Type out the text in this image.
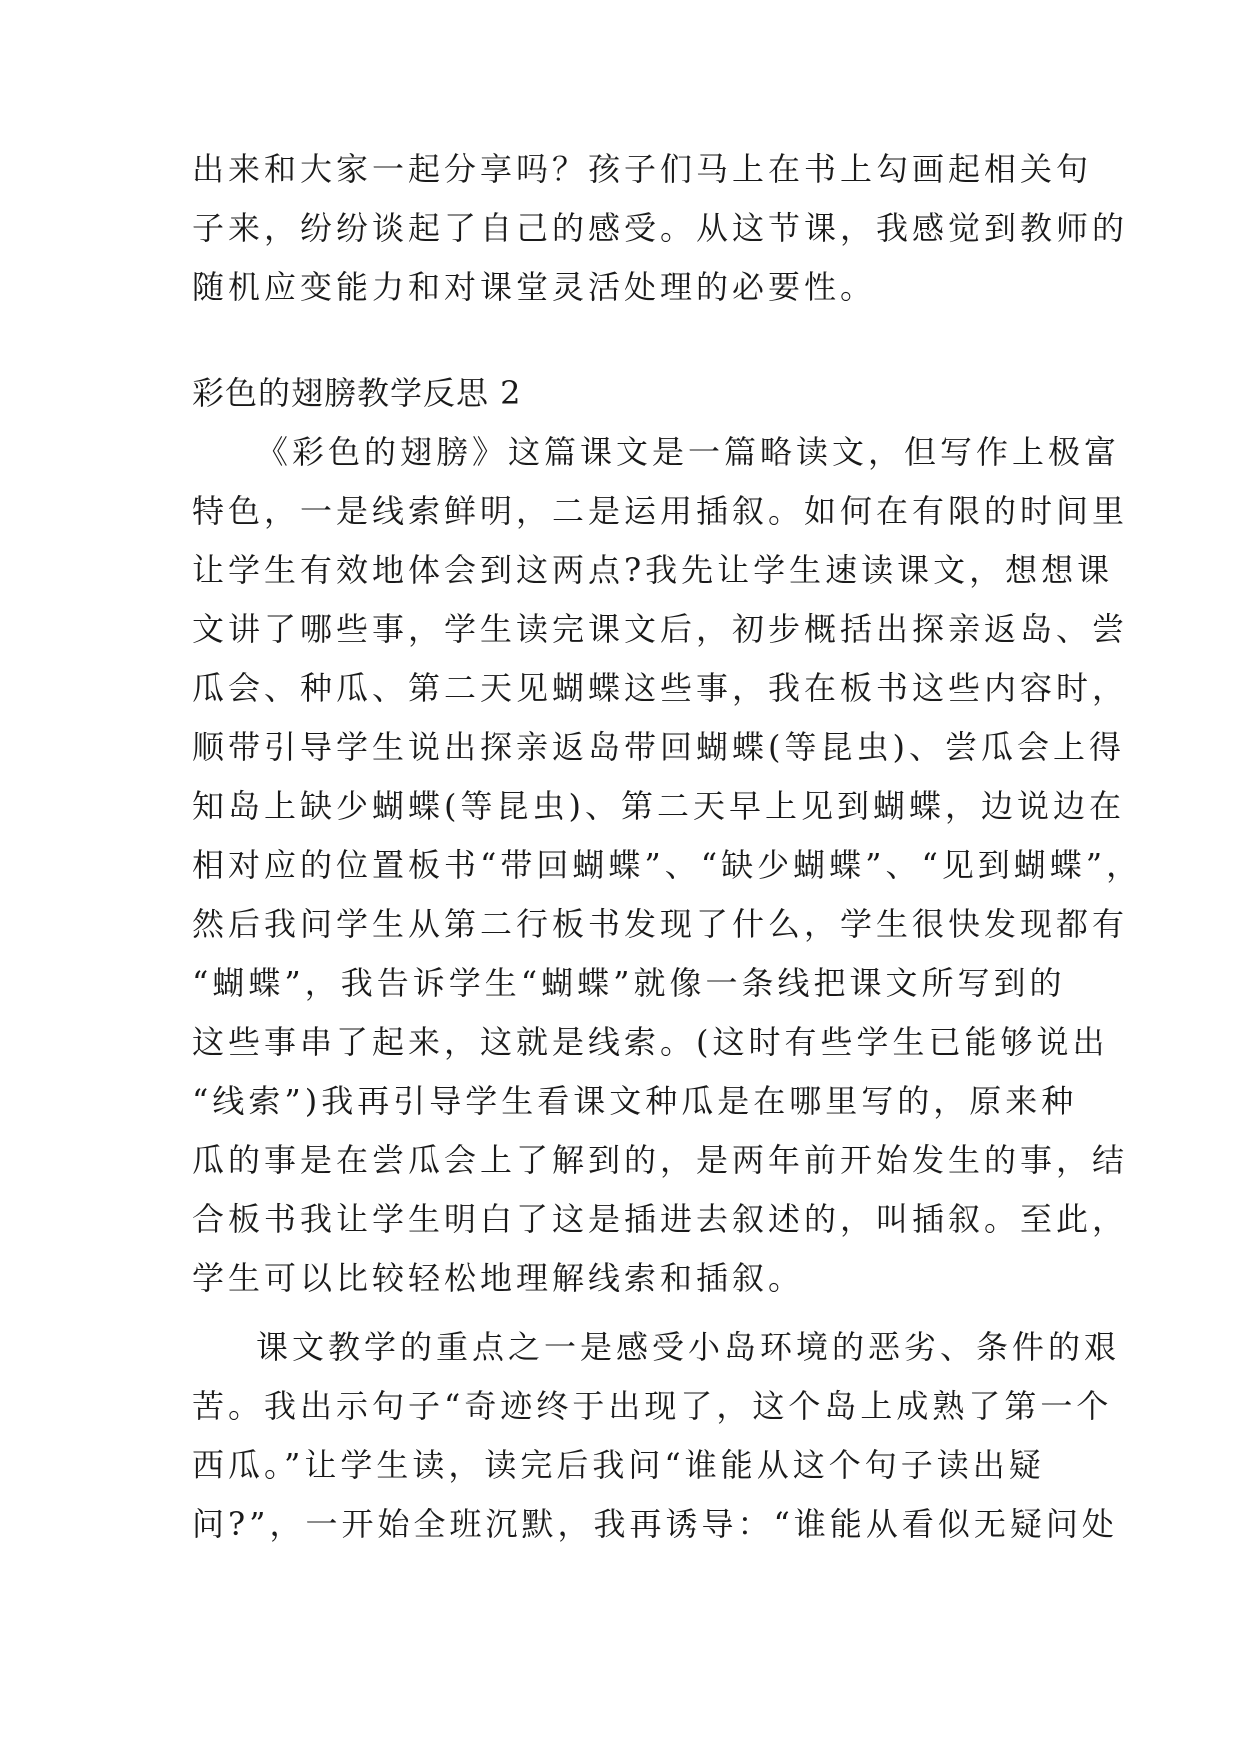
出来和大家一起分享吗？孩子们马上在书上勾画起相关句
子来，纷纷谈起了自己的感受。从这节课，我感觉到教师的
随机应变能力和对课堂灵活处理的必要性。
彩色的翅膀教学反思 2
《彩色的翅膀》这篇课文是一篇略读文，但写作上极富
特色，一是线索鲜明，二是运用插叙。如何在有限的时间里
让学生有效地体会到这两点?我先让学生速读课文，想想课
文讲了哪些事，学生读完课文后，初步概括出探亲返岛、尝
瓜会、种瓜、第二天见蝴蝶这些事，我在板书这些内容时，
顺带引导学生说出探亲返岛带回蝴蝶(等昆虫)、尝瓜会上得
知岛上缺少蝴蝶(等昆虫)、第二天早上见到蝴蝶，边说边在
相对应的位置板书“带回蝴蝶”、“缺少蝴蝶”、“见到蝴蝶”，
然后我问学生从第二行板书发现了什么，学生很快发现都有
“蝴蝶”，我告诉学生“蝴蝶”就像一条线把课文所写到的
这些事串了起来，这就是线索。(这时有些学生已能够说出
“线索”)我再引导学生看课文种瓜是在哪里写的，原来种
瓜的事是在尝瓜会上了解到的，是两年前开始发生的事，结
合板书我让学生明白了这是插进去叙述的，叫插叙。至此，
学生可以比较轻松地理解线索和插叙。
课文教学的重点之一是感受小岛环境的恶劣、条件的艰
苦。我出示句子“奇迹终于出现了，这个岛上成熟了第一个
西瓜。”让学生读，读完后我问“谁能从这个句子读出疑
问?”，一开始全班沉默，我再诱导：“谁能从看似无疑问处
